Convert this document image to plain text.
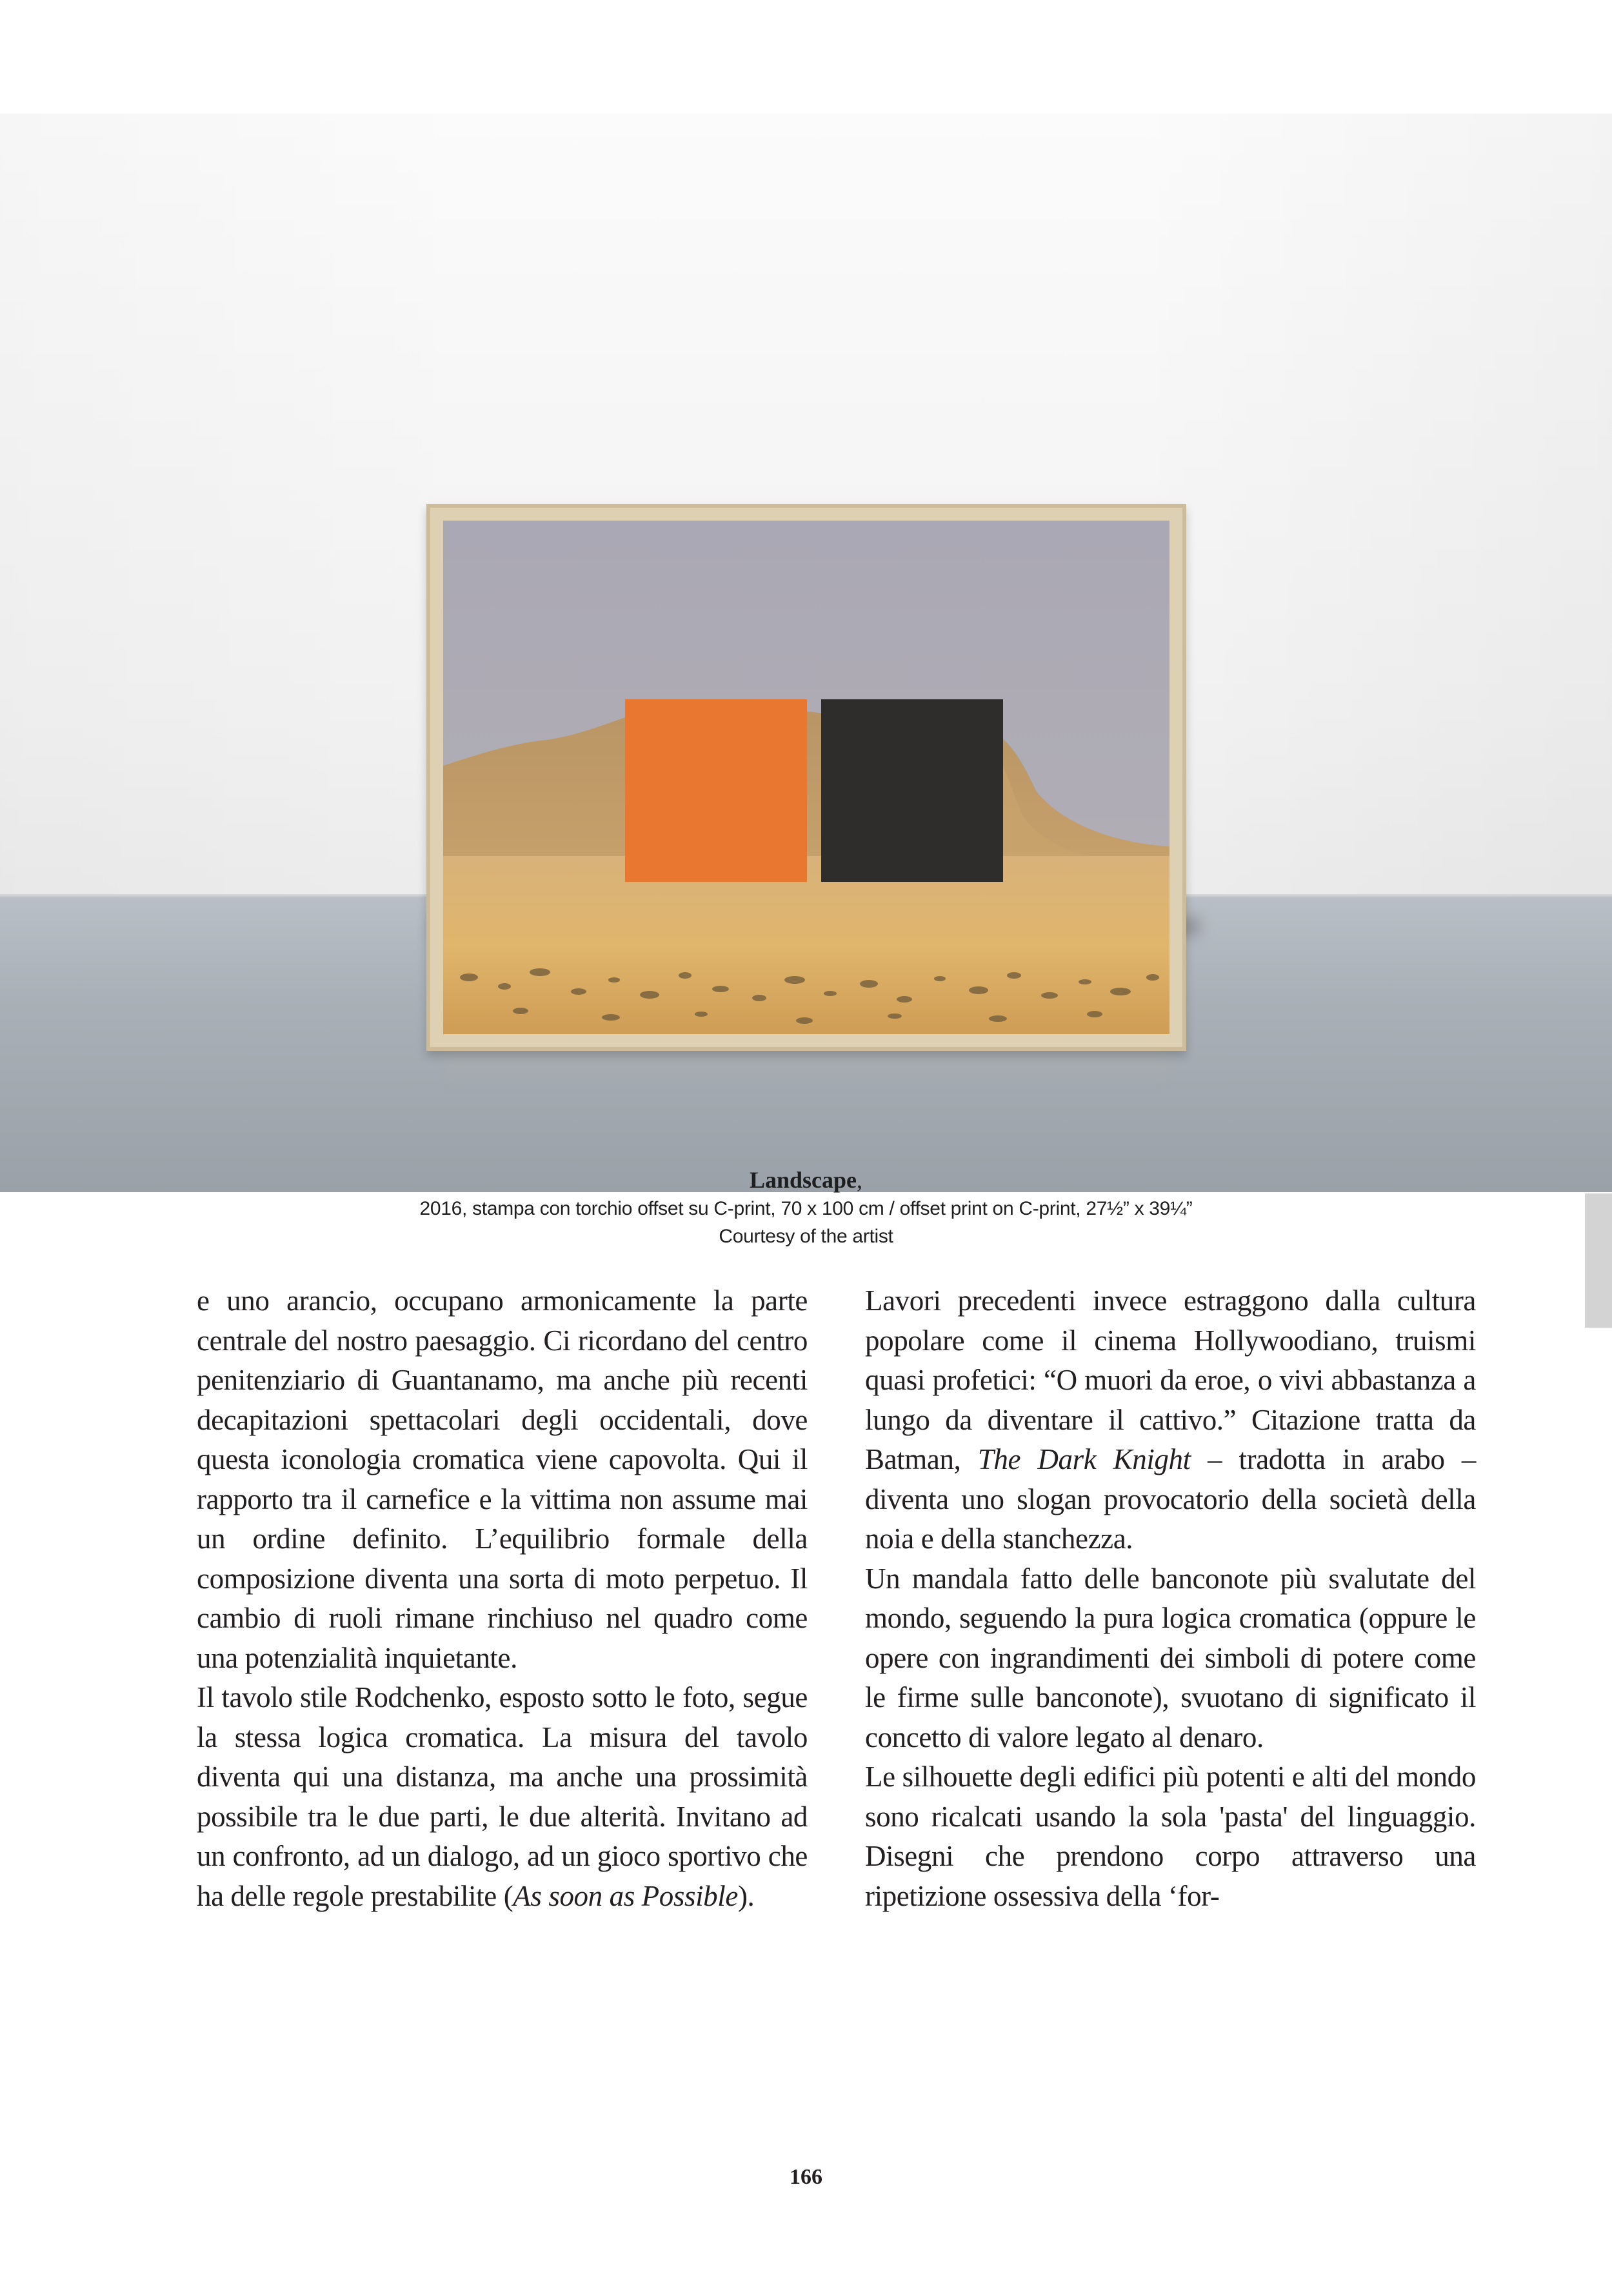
Landscape,
2016, stampa con torchio offset su C-print, 70 x 100 cm / offset print on C-print, 27½” x 39¼”
Courtesy of the artist

e uno arancio, occupano armonicamente la parte centrale del nostro paesaggio. Ci ricordano del centro penitenziario di Guantanamo, ma anche più recenti decapitazioni spettacolari degli occidentali, dove questa iconologia cromatica viene capovolta. Qui il rapporto tra il carnefice e la vittima non assume mai un ordine definito. L’equilibrio formale della composizione diventa una sorta di moto perpetuo. Il cambio di ruoli rimane rinchiuso nel quadro come una potenzialità inquietante.

Il tavolo stile Rodchenko, esposto sotto le foto, segue la stessa logica cromatica. La misura del tavolo diventa qui una distanza, ma anche una prossimità possibile tra le due parti, le due alterità. Invitano ad un confronto, ad un dialogo, ad un gioco sportivo che ha delle regole prestabilite (As soon as Possible).

Lavori precedenti invece estraggono dalla cultura popolare come il cinema Hollywoodiano, truismi quasi profetici: “O muori da eroe, o vivi abbastanza a lungo da diventare il cattivo.” Citazione tratta da Batman, The Dark Knight – tradotta in arabo – diventa uno slogan provocatorio della società della noia e della stanchezza.

Un mandala fatto delle banconote più svalutate del mondo, seguendo la pura logica cromatica (oppure le opere con ingrandimenti dei simboli di potere come le firme sulle banconote), svuotano di significato il concetto di valore legato al denaro.

Le silhouette degli edifici più potenti e alti del mondo sono ricalcati usando la sola 'pasta' del linguaggio. Disegni che prendono corpo attraverso una ripetizione ossessiva della ‘for-

166
